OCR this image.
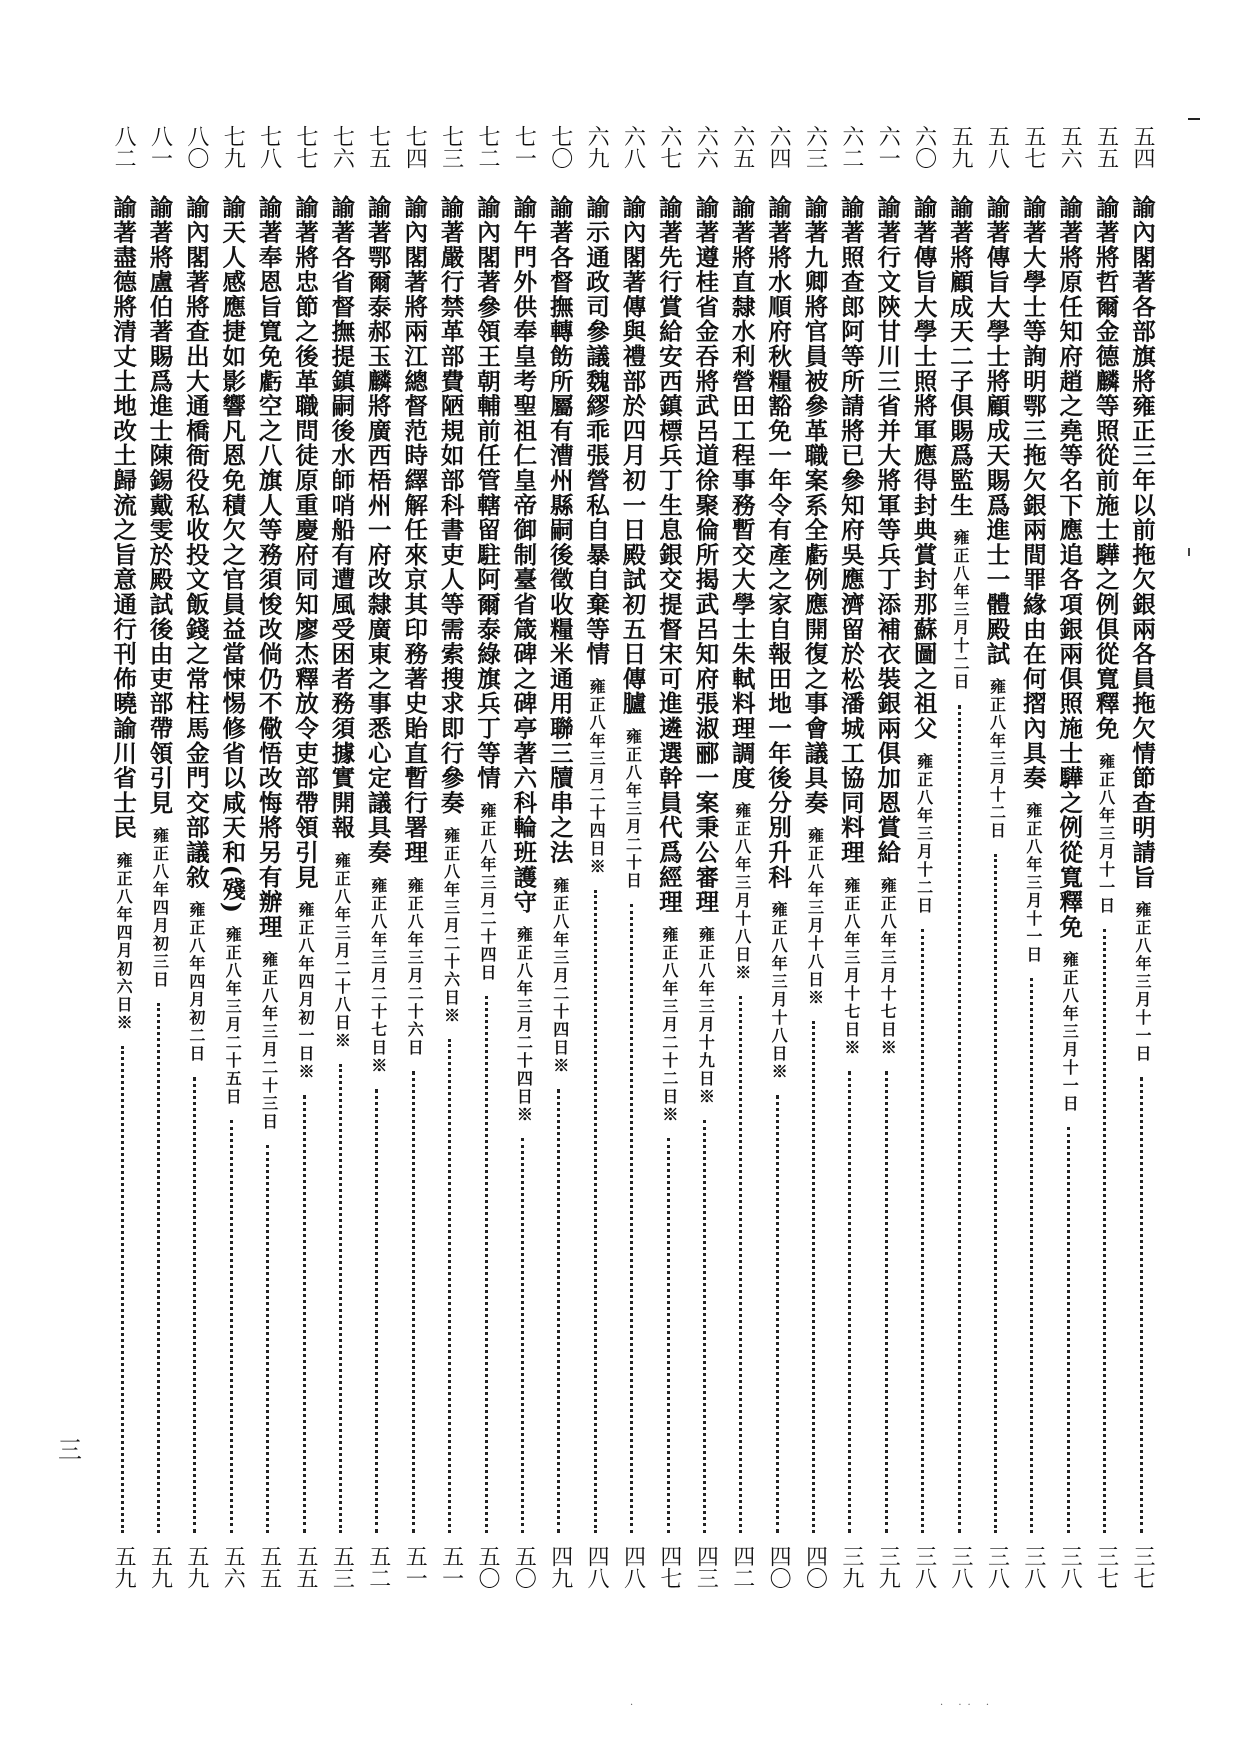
五四
諭內閣著各部旗將雍正三年以前拖欠銀兩各員拖欠情節查明請旨雍正八年三月十一日
三七
五五
諭著將哲爾金德麟等照從前施士驊之例俱從寬釋免雍正八年三月十一日
三七
五六
諭著將原任知府趙之堯等名下應追各項銀兩俱照施士驊之例從寬釋免雍正八年三月十一日
三八
五七
諭著大學士等詢明鄂三拖欠銀兩間罪緣由在何摺內具奏雍正八年三月十一日
三八
五八
諭著傳旨大學士將顧成天賜爲進士一體殿試雍正八年三月十二日
三八
五九
諭著將顧成天二子俱賜爲監生雍正八年三月十二日
三八
六〇
諭著傳旨大學士照將軍應得封典賞封那蘇圖之祖父雍正八年三月十二日
三八
六一
諭著行文陝甘川三省并大將軍等兵丁添補衣裝銀兩俱加恩賞給雍正八年三月十七日※
三九
六二
諭著照查郎阿等所請將已參知府吳應濟留於松潘城工協同料理雍正八年三月十七日※
三九
六三
諭著九卿將官員被參革職案系全虧例應開復之事會議具奏雍正八年三月十八日※
四〇
六四
諭著將水順府秋糧豁免一年令有產之家自報田地一年後分別升科雍正八年三月十八日※
四〇
六五
諭著將直隸水利營田工程事務暫交大學士朱軾料理調度雍正八年三月十八日※
四二
六六
諭著遵桂省金吞將武呂道徐聚倫所揭武呂知府張淑郦一案秉公審理雍正八年三月十九日※
四三
六七
諭著先行賞給安西鎮標兵丁生息銀交提督宋可進遴選幹員代爲經理雍正八年三月二十二日※
四七
六八
諭內閣著傳與禮部於四月初一日殿試初五日傳臚雍正八年三月二十日
四八
六九
諭示通政司參議魏繆乖張營私自暴自棄等情雍正八年三月二十四日※
四八
七〇
諭著各督撫轉飭所屬有漕州縣嗣後徵收糧米通用聯三牘串之法雍正八年三月二十四日※
四九
七一
諭午門外供奉皇考聖祖仁皇帝御制臺省箴碑之碑亭著六科輪班護守雍正八年三月二十四日※
五〇
七二
諭內閣著參領王朝輔前任管轄留駐阿爾泰綠旗兵丁等情雍正八年三月二十四日
五〇
七三
諭著嚴行禁革部費陋規如部科書吏人等需索搜求即行參奏雍正八年三月二十六日※
五一
七四
諭內閣著將兩江總督范時繹解任來京其印務著史貽直暫行署理雍正八年三月二十六日
五一
七五
諭著鄂爾泰郝玉麟將廣西梧州一府改隸廣東之事悉心定議具奏雍正八年三月二十七日※
五二
七六
諭著各省督撫提鎮嗣後水師哨船有遭風受困者務須據實開報雍正八年三月二十八日※
五三
七七
諭著將忠節之後革職問徒原重慶府同知廖杰釋放令吏部帶領引見雍正八年四月初一日※
五五
七八
諭著奉恩旨寬免虧空之八旗人等務須悛改倘仍不儆悟改悔將另有辦理雍正八年三月二十三日
五五
七九
諭天人感應捷如影響凡恩免積欠之官員益當悚惕修省以咸天和(殘)雍正八年三月二十五日
五六
八〇
諭內閣著將查出大通橋衙役私收投文飯錢之常柱馬金門交部議敘雍正八年四月初二日
五九
八一
諭著將盧伯著賜爲進士陳錫戴雯於殿試後由吏部帶領引見雍正八年四月初三日
五九
八二
諭著盡德將清丈土地改土歸流之旨意通行刊佈曉諭川省士民雍正八年四月初六日※
五九
三
·	· ·· ·
